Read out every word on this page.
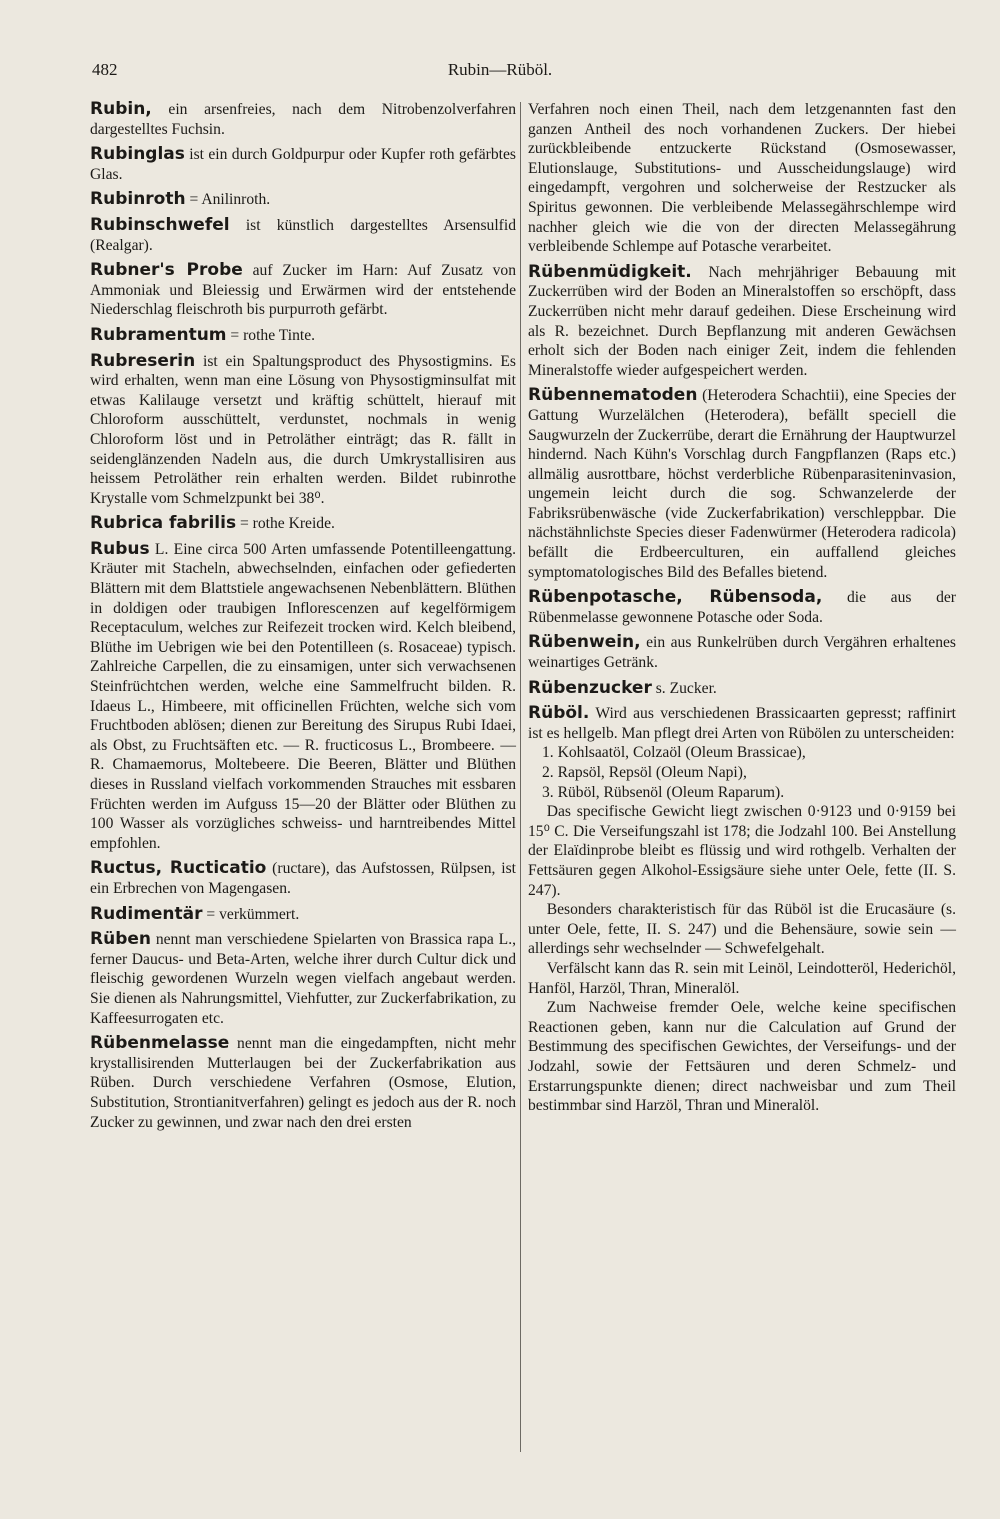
482	Rubin—Rüböl.

Rubin, ein arsenfreies, nach dem Nitrobenzolverfahren dargestelltes Fuchsin.

Rubinglas ist ein durch Goldpurpur oder Kupfer roth gefärbtes Glas.

Rubinroth = Anilinroth.

Rubinschwefel ist künstlich dargestelltes Arsensulfid (Realgar).

Rubner's Probe auf Zucker im Harn: Auf Zusatz von Ammoniak und Bleiessig und Erwärmen wird der entstehende Niederschlag fleischroth bis purpurroth gefärbt.

Rubramentum = rothe Tinte.

Rubreserin ist ein Spaltungsproduct des Physostigmins. Es wird erhalten, wenn man eine Lösung von Physostigminsulfat mit etwas Kalilauge versetzt und kräftig schüttelt, hierauf mit Chloroform ausschüttelt, verdunstet, nochmals in wenig Chloroform löst und in Petroläther einträgt; das R. fällt in seidenglänzenden Nadeln aus, die durch Umkrystallisiren aus heissem Petroläther rein erhalten werden. Bildet rubinrothe Krystalle vom Schmelzpunkt bei 38⁰.

Rubrica fabrilis = rothe Kreide.

Rubus L. Eine circa 500 Arten umfassende Potentilleengattung. Kräuter mit Stacheln, abwechselnden, einfachen oder gefiederten Blättern mit dem Blattstiele angewachsenen Nebenblättern. Blüthen in doldigen oder traubigen Inflorescenzen auf kegelförmigem Receptaculum, welches zur Reifezeit trocken wird. Kelch bleibend, Blüthe im Uebrigen wie bei den Potentilleen (s. Rosaceae) typisch. Zahlreiche Carpellen, die zu einsamigen, unter sich verwachsenen Steinfrüchtchen werden, welche eine Sammelfrucht bilden. R. Idaeus L., Himbeere, mit officinellen Früchten, welche sich vom Fruchtboden ablösen; dienen zur Bereitung des Sirupus Rubi Idaei, als Obst, zu Fruchtsäften etc. — R. fructicosus L., Brombeere. — R. Chamaemorus, Moltebeere. Die Beeren, Blätter und Blüthen dieses in Russland vielfach vorkommenden Strauches mit essbaren Früchten werden im Aufguss 15—20 der Blätter oder Blüthen zu 100 Wasser als vorzügliches schweiss- und harntreibendes Mittel empfohlen.

Ructus, Ructicatio (ructare), das Aufstossen, Rülpsen, ist ein Erbrechen von Magengasen.

Rudimentär = verkümmert.

Rüben nennt man verschiedene Spielarten von Brassica rapa L., ferner Daucus- und Beta-Arten, welche ihrer durch Cultur dick und fleischig gewordenen Wurzeln wegen vielfach angebaut werden. Sie dienen als Nahrungsmittel, Viehfutter, zur Zuckerfabrikation, zu Kaffeesurrogaten etc.

Rübenmelasse nennt man die eingedampften, nicht mehr krystallisirenden Mutterlaugen bei der Zuckerfabrikation aus Rüben. Durch verschiedene Verfahren (Osmose, Elution, Substitution, Strontianitverfahren) gelingt es jedoch aus der R. noch Zucker zu gewinnen, und zwar nach den drei ersten

Verfahren noch einen Theil, nach dem letzgenannten fast den ganzen Antheil des noch vorhandenen Zuckers. Der hiebei zurückbleibende entzuckerte Rückstand (Osmosewasser, Elutionslauge, Substitutions- und Ausscheidungslauge) wird eingedampft, vergohren und solcherweise der Restzucker als Spiritus gewonnen. Die verbleibende Melassegährschlempe wird nachher gleich wie die von der directen Melassegährung verbleibende Schlempe auf Potasche verarbeitet.

Rübenmüdigkeit. Nach mehrjähriger Bebauung mit Zuckerrüben wird der Boden an Mineralstoffen so erschöpft, dass Zuckerrüben nicht mehr darauf gedeihen. Diese Erscheinung wird als R. bezeichnet. Durch Bepflanzung mit anderen Gewächsen erholt sich der Boden nach einiger Zeit, indem die fehlenden Mineralstoffe wieder aufgespeichert werden.

Rübennematoden (Heterodera Schachtii), eine Species der Gattung Wurzelälchen (Heterodera), befällt speciell die Saugwurzeln der Zuckerrübe, derart die Ernährung der Hauptwurzel hindernd. Nach Kühn's Vorschlag durch Fangpflanzen (Raps etc.) allmälig ausrottbare, höchst verderbliche Rübenparasiteninvasion, ungemein leicht durch die sog. Schwanzelerde der Fabriksrübenwäsche (vide Zuckerfabrikation) verschleppbar. Die nächstähnlichste Species dieser Fadenwürmer (Heterodera radicola) befällt die Erdbeerculturen, ein auffallend gleiches symptomatologisches Bild des Befalles bietend.

Rübenpotasche, Rübensoda, die aus der Rübenmelasse gewonnene Potasche oder Soda.

Rübenwein, ein aus Runkelrüben durch Vergähren erhaltenes weinartiges Getränk.

Rübenzucker s. Zucker.

Rüböl. Wird aus verschiedenen Brassicaarten gepresst; raffinirt ist es hellgelb. Man pflegt drei Arten von Rübölen zu unterscheiden:

1. Kohlsaatöl, Colzaöl (Oleum Brassicae),
2. Rapsöl, Repsöl (Oleum Napi),
3. Rüböl, Rübsenöl (Oleum Raparum).
Das specifische Gewicht liegt zwischen 0·9123 und 0·9159 bei 15⁰ C. Die Verseifungszahl ist 178; die Jodzahl 100. Bei Anstellung der Elaïdinprobe bleibt es flüssig und wird rothgelb. Verhalten der Fettsäuren gegen Alkohol-Essigsäure siehe unter Oele, fette (II. S. 247).
Besonders charakteristisch für das Rüböl ist die Erucasäure (s. unter Oele, fette, II. S. 247) und die Behensäure, sowie sein — allerdings sehr wechselnder — Schwefelgehalt.
Verfälscht kann das R. sein mit Leinöl, Leindotteröl, Hederichöl, Hanföl, Harzöl, Thran, Mineralöl.
Zum Nachweise fremder Oele, welche keine specifischen Reactionen geben, kann nur die Calculation auf Grund der Bestimmung des specifischen Gewichtes, der Verseifungs- und der Jodzahl, sowie der Fettsäuren und deren Schmelz- und Erstarrungspunkte dienen; direct nachweisbar und zum Theil bestimmbar sind Harzöl, Thran und Mineralöl.
